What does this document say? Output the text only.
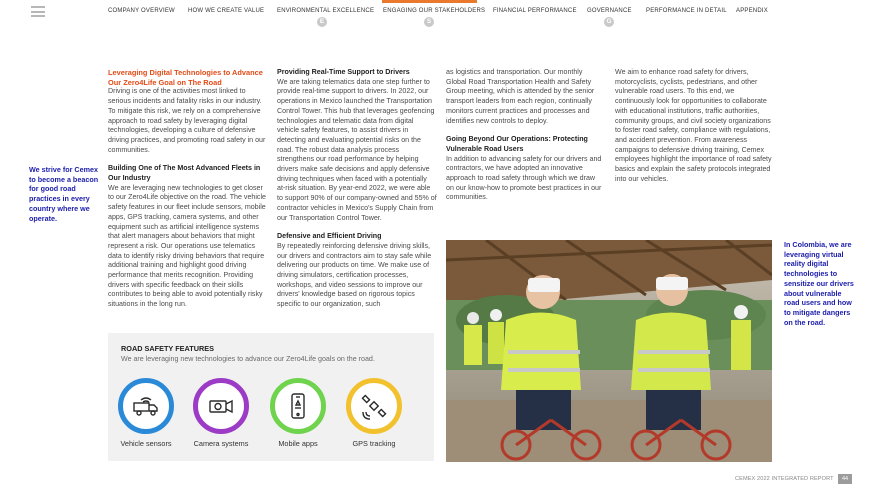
COMPANY OVERVIEW HOW WE CREATE VALUE ENVIRONMENTAL EXCELLENCE ENGAGING OUR STAKEHOLDERS FINANCIAL PERFORMANCE GOVERNANCE PERFORMANCE IN DETAIL APPENDIX
E	S	G
We strive for Cemex to become a beacon for good road practices in every country where we operate.
In Colombia, we are leveraging virtual reality digital technologies to sensitize our drivers about vulnerable road users and how to mitigate dangers on the road.

Leveraging Digital Technologies to Advance Our Zero4Life Goal on The Road

Driving is one of the activities most linked to serious incidents and fatality risks in our industry. To mitigate this risk, we rely on a comprehensive approach to road safety by leveraging digital technologies, developing a culture of defensive driving practices, and promoting road safety in our communities.

Building One of The Most Advanced Fleets in Our Industry

We are leveraging new technologies to get closer to our Zero4Life objective on the road. The vehicle safety features in our fleet include sensors, mobile apps, GPS tracking, camera systems, and other equipment such as artificial intelligence systems that alert managers about behaviors that might represent a risk. Our operations use telematics data to identify risky driving behaviors that require additional training and highlight good driving performance that merits recognition. Providing drivers with specific feedback on their skills contributes to being able to avoid potentially risky situations in the long run.

Providing Real-Time Support to Drivers

We are taking telematics data one step further to provide real-time support to drivers. In 2022, our operations in Mexico launched the Transportation Control Tower. This hub that leverages geofencing technologies and telematic data from digital vehicle safety features, to assist drivers in detecting and evaluating potential risks on the road. The robust data analysis process strengthens our road performance by helping drivers make safe decisions and apply defensive driving techniques when faced with a potentially at-risk situation. By year-end 2022, we were able to support 90% of our company-owned and 55% of contractor vehicles in Mexico's Supply Chain from our Transportation Control Tower.

Defensive and Efficient Driving

By repeatedly reinforcing defensive driving skills, our drivers and contractors aim to stay safe while delivering our products on time. We make use of driving simulators, certification processes, workshops, and video sessions to improve our drivers' knowledge based on rigorous topics specific to our organization, such

as logistics and transportation. Our monthly Global Road Transportation Health and Safety Group meeting, which is attended by the senior transport leaders from each region, continually monitors current practices and processes and identifies new controls to deploy.

Going Beyond Our Operations: Protecting Vulnerable Road Users

In addition to advancing safety for our drivers and contractors, we have adopted an innovative approach to road safety through which we draw on our know-how to promote best practices in our communities.

We aim to enhance road safety for drivers, motorcyclists, cyclists, pedestrians, and other vulnerable road users. To this end, we continuously look for opportunities to collaborate with educational institutions, traffic authorities, community groups, and civil society organizations to foster road safety, compliance with regulations, and accident prevention. From awareness campaigns to defensive driving training, Cemex employees highlight the importance of road safety basics and explain the safety protocols integrated into our vehicles.

ROAD SAFETY FEATURES
We are leveraging new technologies to advance our Zero4Life goals on the road.
Vehicle sensors	Camera systems	Mobile apps	GPS tracking
CEMEX 2022 INTEGRATED REPORT	44
